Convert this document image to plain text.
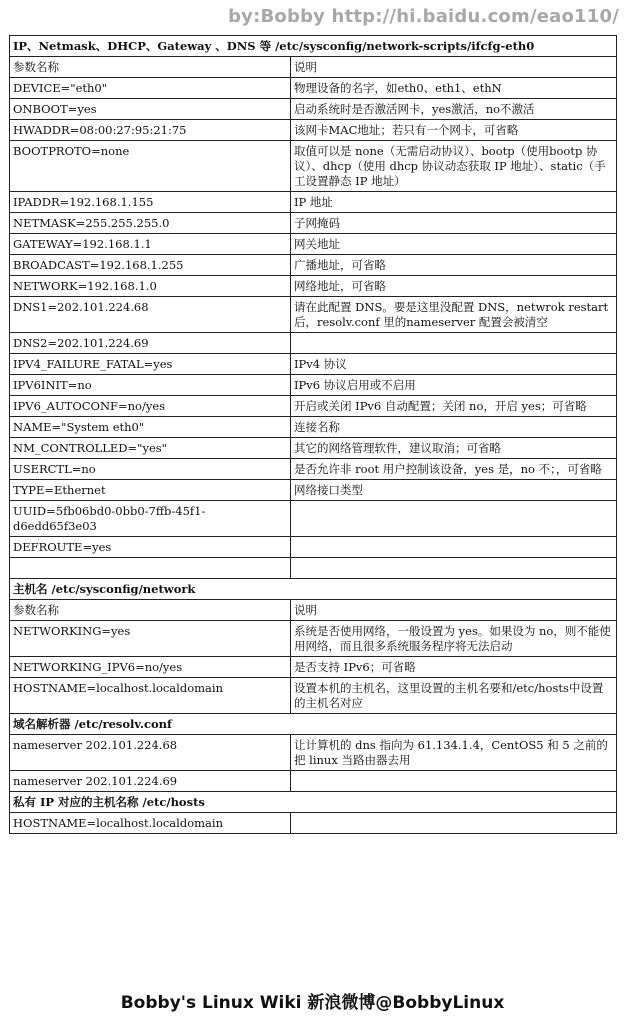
by:Bobby http://hi.baidu.com/eao110/
IP、Netmask、DHCP、Gateway 、DNS 等 /etc/sysconfig/network-scripts/ifcfg-eth0
参数名称	说明
DEVICE="eth0"	物理设备的名字，如eth0、eth1、ethN
ONBOOT=yes	启动系统时是否激活网卡，yes激活，no不激活
HWADDR=08:00:27:95:21:75	该网卡MAC地址；若只有一个网卡，可省略
BOOTPROTO=none	取值可以是 none（无需启动协议）、bootp（使用bootp 协议）、dhcp（使用 dhcp 协议动态获取 IP 地址）、static（手工设置静态 IP 地址）
IPADDR=192.168.1.155	IP 地址
NETMASK=255.255.255.0	子网掩码
GATEWAY=192.168.1.1	网关地址
BROADCAST=192.168.1.255	广播地址，可省略
NETWORK=192.168.1.0	网络地址，可省略
DNS1=202.101.224.68	请在此配置 DNS。要是这里没配置 DNS，netwrok restart 后，resolv.conf 里的nameserver 配置会被清空
DNS2=202.101.224.69
IPV4_FAILURE_FATAL=yes	IPv4 协议
IPV6INIT=no	IPv6 协议启用或不启用
IPV6_AUTOCONF=no/yes	开启或关闭 IPv6 自动配置；关闭 no，开启 yes；可省略
NAME="System eth0"	连接名称
NM_CONTROLLED="yes"	其它的网络管理软件，建议取消；可省略
USERCTL=no	是否允许非 root 用户控制该设备，yes 是，no 不；，可省略
TYPE=Ethernet	网络接口类型
UUID=5fb06bd0-0bb0-7ffb-45f1-d6edd65f3e03
DEFROUTE=yes
主机名 /etc/sysconfig/network
参数名称	说明
NETWORKING=yes	系统是否使用网络，一般设置为 yes。如果设为 no，则不能使用网络，而且很多系统服务程序将无法启动
NETWORKING_IPV6=no/yes	是否支持 IPv6；可省略
HOSTNAME=localhost.localdomain	设置本机的主机名，这里设置的主机名要和/etc/hosts中设置的主机名对应
域名解析器 /etc/resolv.conf
nameserver 202.101.224.68	让计算机的 dns 指向为 61.134.1.4，CentOS5 和 5 之前的把 linux 当路由器去用
nameserver 202.101.224.69
私有 IP 对应的主机名称 /etc/hosts
HOSTNAME=localhost.localdomain
Bobby's Linux Wiki 新浪微博@BobbyLinux
